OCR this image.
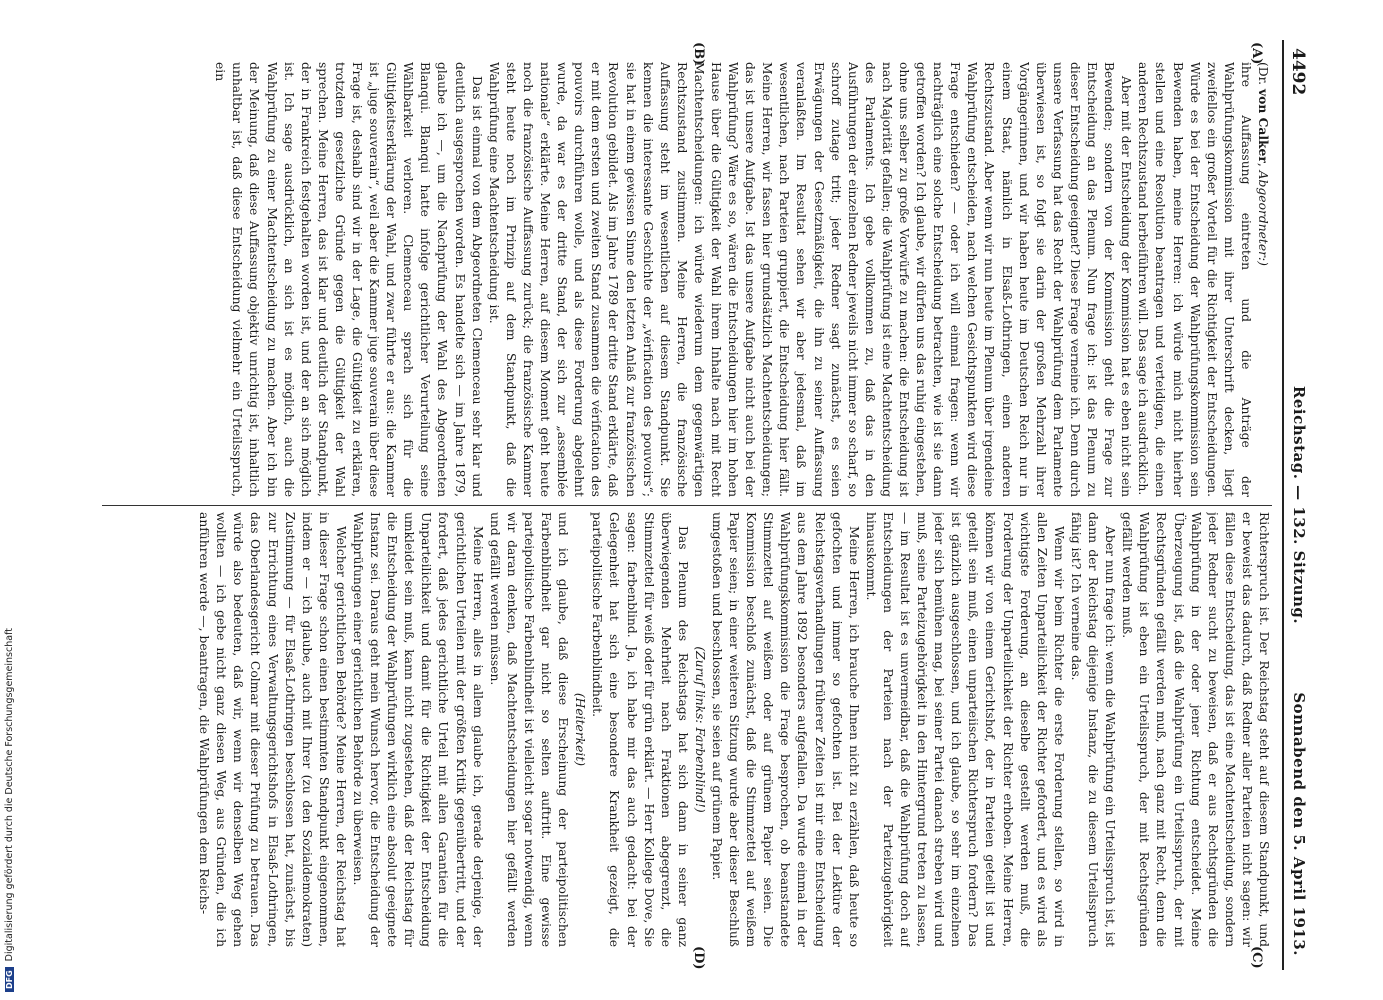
4492
Reichstag. — 132. Sitzung.
Sonnabend den 5. April 1913.
(A)
(B)
(C)
(D)

(Dr. von Calker, Abgeordneter:)

ihre Auffassung eintreten und die Anträge der Wahlprüfungskommission mit ihrer Unterschrift decken, liegt zweifellos ein großer Vorteil für die Richtigkeit der Entscheidungen. Würde es bei der Entscheidung der Wahlprüfungskommission sein Bewenden haben, meine Herren: ich würde mich nicht hierher stellen und eine Resolution beantragen und verteidigen, die einen anderen Rechtszustand herbeiführen will. Das sage ich ausdrücklich.

Aber mit der Entscheidung der Kommission hat es eben nicht sein Bewenden; sondern von der Kommission geht die Frage zur Entscheidung an das Plenum. Nun frage ich: ist das Plenum zu dieser Entscheidung geeignet? Diese Frage verneine ich. Denn durch unsere Verfassung hat das Recht der Wahlprüfung dem Parlamente überwiesen ist, so folgt sie darin der großen Mehrzahl ihrer Vorgängerinnen, und wir haben heute im Deutschen Reich nur in einem Staat, nämlich in Elsaß-Lothringen, einen anderen Rechtszustand. Aber wenn wir nun heute im Plenum über irgendeine Wahlprüfung entscheiden, nach welchen Gesichtspunkten wird diese Frage entschieden? — oder ich will einmal fragen: wenn wir nachträglich eine solche Entscheidung betrachten, wie ist sie dann getroffen worden? Ich glaube, wir dürfen uns das ruhig eingestehen, ohne uns selber zu große Vorwürfe zu machen: die Entscheidung ist nach Majorität gefallen; die Wahlprüfung ist eine Machtentscheidung des Parlaments. Ich gebe vollkommen zu, daß das in den Ausführungen der einzelnen Redner jeweils nicht immer so scharf, so schroff zutage tritt; jeder Redner sagt zunächst, es seien Erwägungen der Gesetzmäßigkeit, die ihn zu seiner Auffassung veranlaßten. Im Resultat sehen wir aber jedesmal, daß im wesentlichen, nach Parteien gruppiert, die Entscheidung hier fällt. Meine Herren, wir fassen hier grundsätzlich Machtentscheidungen; das ist unsere Aufgabe. Ist das unsere Aufgabe nicht auch bei der Wahlprüfung? Wäre es so, wären die Entscheidungen hier im hohen Hause über die Gültigkeit der Wahl ihrem Inhalte nach mit Recht Machtentscheidungen: ich würde wiederum dem gegenwärtigen Rechtszustand zustimmen. Meine Herren, die französische Auffassung steht im wesentlichen auf diesem Standpunkt. Sie kennen die interessante Geschichte der „vérification des pouvoirs“; sie hat in einem gewissen Sinne den letzten Anlaß zur französischen Revolution gebildet. Als im Jahre 1789 der dritte Stand erklärte, daß er mit dem ersten und zweiten Stand zusammen die vérification des pouvoirs durchführen wolle, und als diese Forderung abgelehnt wurde, da war es der dritte Stand, der sich zur „assemblée nationale“ erklärte. Meine Herren, auf diesem Moment geht heute noch die französische Auffassung zurück; die französische Kammer steht heute noch im Prinzip auf dem Standpunkt, daß die Wahlprüfung eine Machtentscheidung ist.

Das ist einmal von dem Abgeordneten Clemenceau sehr klar und deutlich ausgesprochen worden. Es handelte sich — im Jahre 1879, glaube ich —, um die Nachprüfung der Wahl des Abgeordneten Blanqui. Blanqui hatte infolge gerichtlicher Verurteilung seine Wählbarkeit verloren. Clemenceau sprach sich für die Gültigkeitserklärung der Wahl, und zwar führte er aus: die Kammer ist „juge souverain“, weil aber die Kammer juge souverain über diese Frage ist, deshalb sind wir in der Lage, die Gültigkeit zu erklären, trotzdem gesetzliche Gründe gegen die Gültigkeit der Wahl sprechen. Meine Herren, das ist klar und deutlich der Standpunkt, der in Frankreich festgehalten worden ist, und der an sich möglich ist. Ich sage ausdrücklich, an sich ist es möglich, auch die Wahlprüfung zu einer Machtentscheidung zu machen. Aber ich bin der Meinung, daß diese Auffassung objektiv unrichtig ist, inhaltlich unhaltbar ist, daß diese Entscheidung vielmehr ein Urteilsspruch, ein

Richterspruch ist. Der Reichstag steht auf diesem Standpunkt, und er beweist das dadurch, daß Redner aller Parteien nicht sagen: wir fällen diese Entscheidung, das ist eine Machtentscheidung, sondern jeder Redner sucht zu beweisen, daß er aus Rechtsgründen die Wahlprüfung in der oder jener Richtung entscheidet. Meine Überzeugung ist, daß die Wahlprüfung ein Urteilsspruch, der mit Rechtsgründen gefällt werden muß, nach ganz mit Recht, denn die Wahlprüfung ist eben ein Urteilsspruch, der mit Rechtsgründen gefällt werden muß.

Aber nun frage ich: wenn die Wahlprüfung ein Urteilsspruch ist, ist dann der Reichstag diejenige Instanz, die zu diesem Urteilsspruch fähig ist? Ich verneine das.

Wenn wir beim Richter die erste Forderung stellen, so wird in allen Zeiten Unparteilichkeit der Richter gefordert, und es wird als wichtigste Forderung, an dieselbe gestellt werden muß, die Forderung der Unparteilichkeit der Richter erhoben. Meine Herren, können wir von einem Gerichtshof, der in Parteien geteilt ist und geteilt sein muß, einen unparteiischen Richterspruch fordern? Das ist gänzlich ausgeschlossen, und ich glaube, so sehr im einzelnen jeder sich bemühen mag, bei seiner Partei danach streben wird und muß, seine Parteizugehörigkeit in den Hintergrund treten zu lassen, — im Resultat ist es unvermeidbar, daß die Wahlprüfung doch auf Entscheidungen der Parteien nach der Parteizugehörigkeit hinauskommt.

Meine Herren, ich brauche Ihnen nicht zu erzählen, daß heute so gefochten und immer so gefochten ist. Bei der Lektüre der Reichstagsverhandlungen früherer Zeiten ist mir eine Entscheidung aus dem Jahre 1892 besonders aufgefallen. Da wurde einmal in der Wahlprüfungskommission die Frage besprochen, ob beanstandete Stimmzettel auf weißem oder auf grünem Papier seien. Die Kommission beschloß zunächst, daß die Stimmzettel auf weißem Papier seien; in einer weiteren Sitzung wurde aber dieser Beschluß umgestoßen und beschlossen, sie seien auf grünem Papier.

(Zuruf links: Farbenblind!)

Das Plenum des Reichstags hat sich dann in seiner ganz überwiegenden Mehrheit nach Fraktionen abgegrenzt, die Stimmzettel für weiß oder für grün erklärt. — Herr Kollege Dove, Sie sagen: farbenblind. Ja, ich habe mir das auch gedacht: bei der Gelegenheit hat sich eine besondere Krankheit gezeigt, die parteipolitische Farbenblindheit.

(Heiterkeit)

und ich glaube, daß diese Erscheinung der parteipolitischen Farbenblindheit gar nicht so selten auftritt. Eine gewisse parteipolitische Farbenblindheit ist vielleicht sogar notwendig, wenn wir daran denken, daß Machtentscheidungen hier gefällt werden und gefällt werden müssen.

Meine Herren, alles in allem glaube ich, gerade derjenige, der gerichtlichen Urteilen mit der größten Kritik gegenübertritt, und der fordert, daß jedes gerichtliche Urteil mit allen Garantien für die Unparteilichkeit und damit für die Richtigkeit der Entscheidung umkleidet sein muß, kann nicht zugestehen, daß der Reichstag für die Entscheidung der Wahlprüfungen wirklich eine absolut geeignete Instanz sei. Daraus geht mein Wunsch hervor, die Entscheidung der Wahlprüfungen einer gerichtlichen Behörde zu überweisen.

Welcher gerichtlichen Behörde? Meine Herren, der Reichstag hat in dieser Frage schon einen bestimmten Standpunkt eingenommen, indem er — ich glaube, auch mit Ihrer (zu den Sozialdemokraten) Zustimmung — für Elsaß-Lothringen beschlossen hat, zunächst, bis zur Errichtung eines Verwaltungsgerichtshofs in Elsaß-Lothringen, das Oberlandesgericht Colmar mit dieser Prüfung zu betrauen. Das würde also bedeuten, daß wir, wenn wir denselben Weg gehen wollten — ich gebe nicht ganz diesen Weg, aus Gründen, die ich anführen werde —, beantragen, die Wahlprüfungen dem Reichs-

DFGDigitalisierung gefördert durch die Deutsche Forschungsgemeinschaft
